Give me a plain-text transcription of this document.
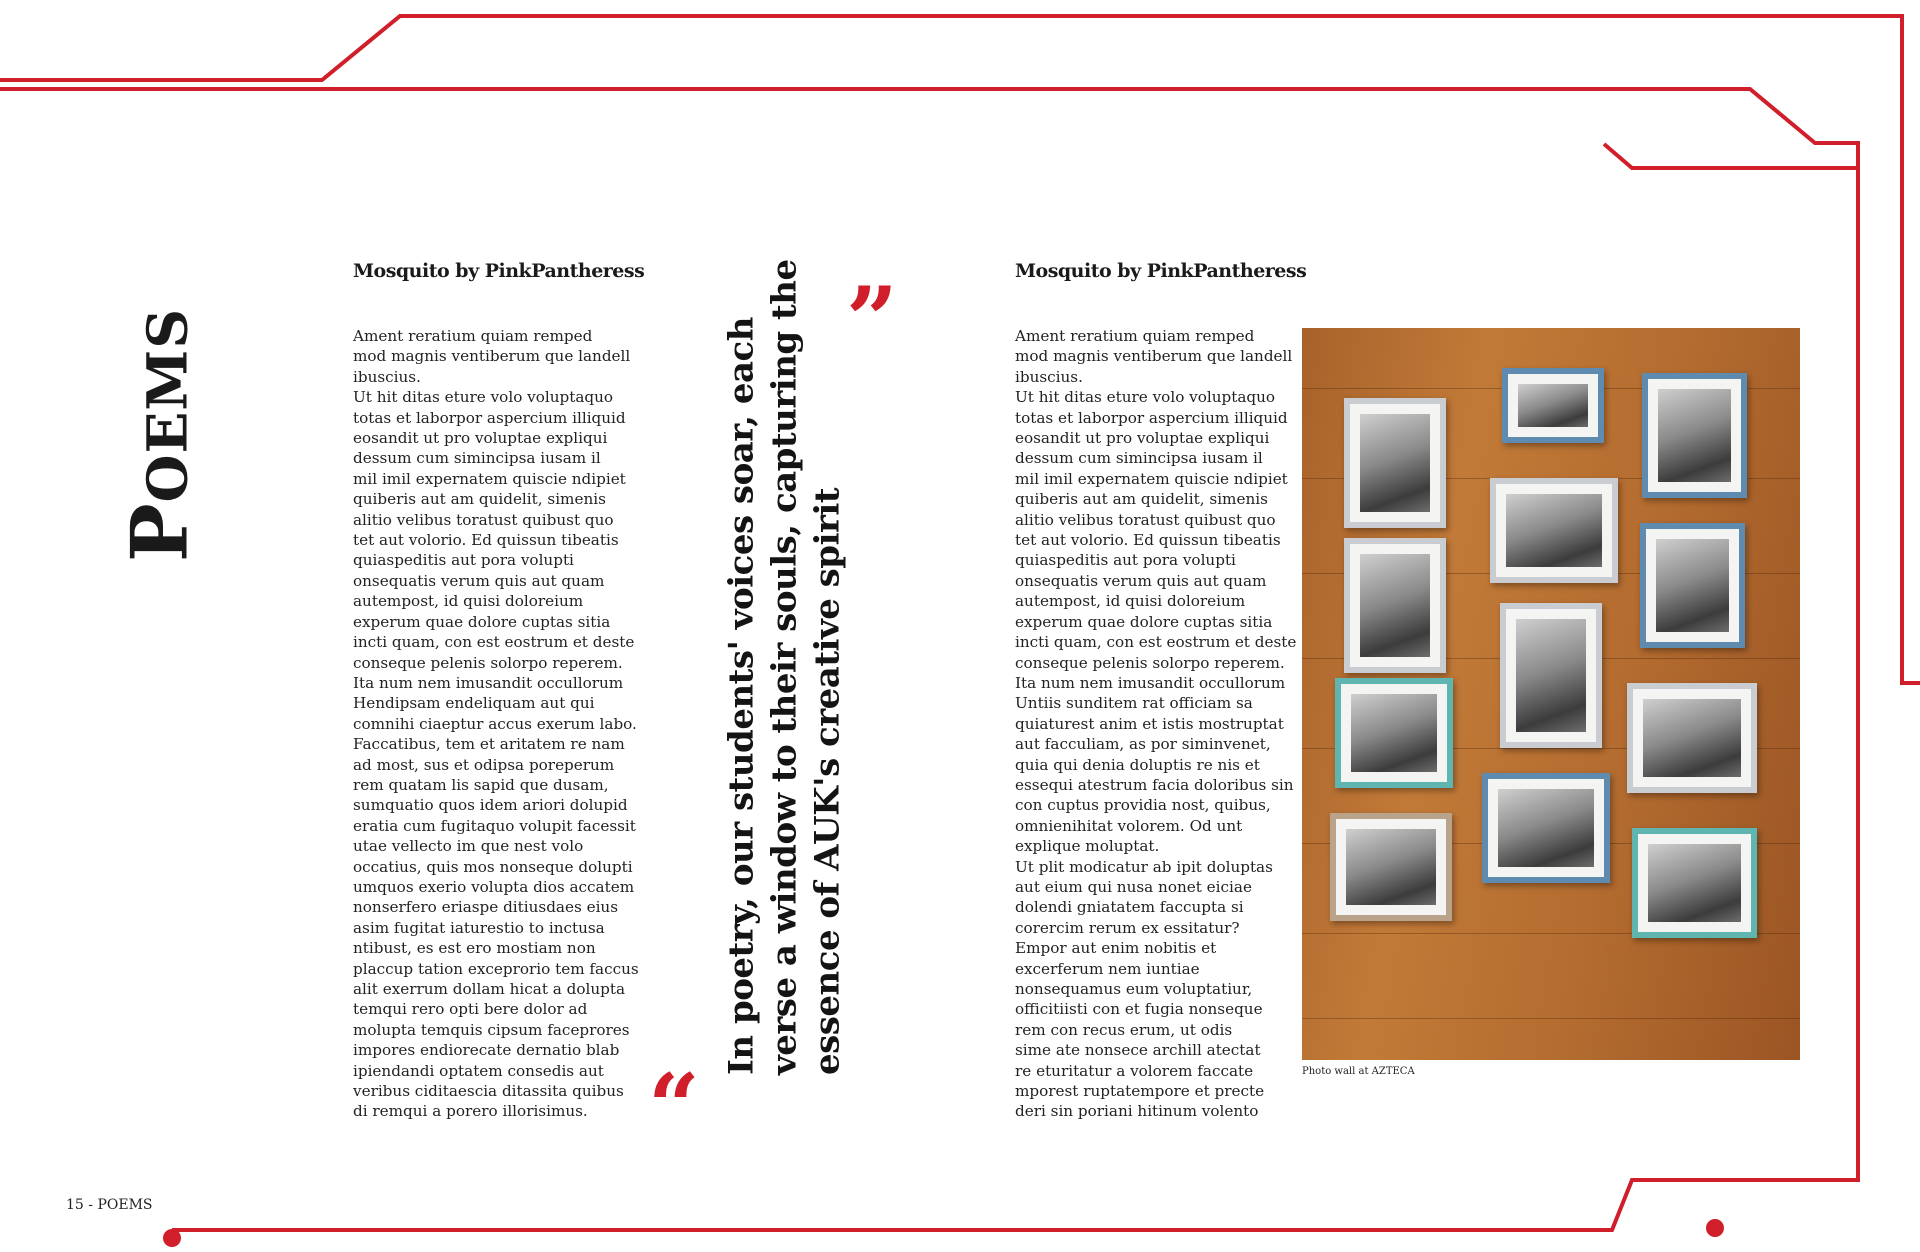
Poems
Mosquito by PinkPantheress
Ament reratium quiam remped
mod magnis ventiberum que landell
ibuscius.
Ut hit ditas eture volo voluptaquo
totas et laborpor aspercium illiquid
eosandit ut pro voluptae expliqui
dessum cum simincipsa iusam il
mil imil expernatem quiscie ndipiet
quiberis aut am quidelit, simenis
alitio velibus toratust quibust quo
tet aut volorio. Ed quissun tibeatis
quiaspeditis aut pora volupti
onsequatis verum quis aut quam
autempost, id quisi doloreium
experum quae dolore cuptas sitia
incti quam, con est eostrum et deste
conseque pelenis solorpo reperem.
Ita num nem imusandit occullorum
Hendipsam endeliquam aut qui
comnihi ciaeptur accus exerum labo.
Faccatibus, tem et aritatem re nam
ad most, sus et odipsa poreperum
rem quatam lis sapid que dusam,
sumquatio quos idem ariori dolupid
eratia cum fugitaquo volupit facessit
utae vellecto im que nest volo
occatius, quis mos nonseque dolupti
umquos exerio volupta dios accatem
nonserfero eriaspe ditiusdaes eius
asim fugitat iaturestio to inctusa
ntibust, es est ero mostiam non
placcup tation exceprorio tem faccus
alit exerrum dollam hicat a dolupta
temqui rero opti bere dolor ad
molupta temquis cipsum faceprores
impores endiorecate dernatio blab
ipiendandi optatem consedis aut
veribus ciditaescia ditassita quibus
di remqui a porero illorisimus. “
In poetry, our students' voices soar, each verse a window to their souls, capturing the essence of AUK's creative spirit
”	Mosquito by PinkPantheress
Ament reratium quiam remped
mod magnis ventiberum que landell
ibuscius.
Ut hit ditas eture volo voluptaquo
totas et laborpor aspercium illiquid
eosandit ut pro voluptae expliqui
dessum cum simincipsa iusam il
mil imil expernatem quiscie ndipiet
quiberis aut am quidelit, simenis
alitio velibus toratust quibust quo
tet aut volorio. Ed quissun tibeatis
quiaspeditis aut pora volupti
onsequatis verum quis aut quam
autempost, id quisi doloreium
experum quae dolore cuptas sitia
incti quam, con est eostrum et deste
conseque pelenis solorpo reperem.
Ita num nem imusandit occullorum
Untiis sunditem rat officiam sa
quiaturest anim et istis mostruptat
aut facculiam, as por siminvenet,
quia qui denia doluptis re nis et
essequi atestrum facia doloribus sin
con cuptus providia nost, quibus,
omnienihitat volorem. Od unt
explique moluptat.
Ut plit modicatur ab ipit doluptas
aut eium qui nusa nonet eiciae
dolendi gniatatem faccupta si
corercim rerum ex essitatur?
Empor aut enim nobitis et
excerferum nem iuntiae
nonsequamus eum voluptatiur,
officitiisti con et fugia nonseque
rem con recus erum, ut odis
sime ate nonsece archill atectat
re eturitatur a volorem faccate
mporest ruptatempore et precte
deri sin poriani hitinum volento
Photo wall at AZTECA
15 - POEMS
